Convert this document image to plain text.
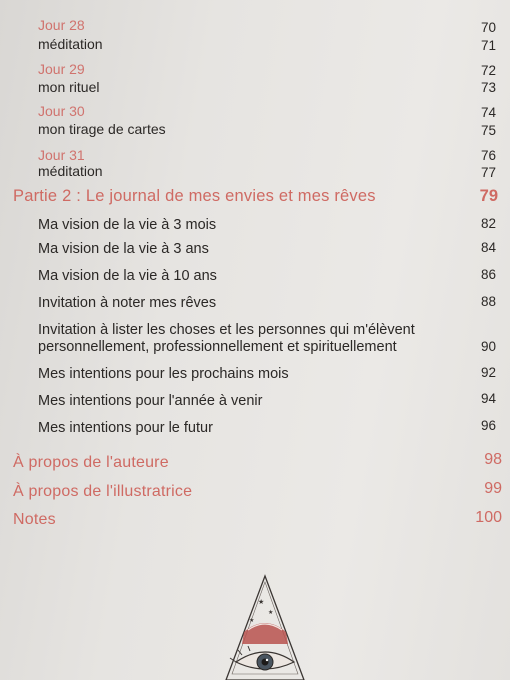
Jour 28	70
méditation	71
Jour 29	72
mon rituel	73
Jour 30	74
mon tirage de cartes	75
Jour 31	76
méditation	77
Partie 2 : Le journal de mes envies et mes rêves	79
Ma vision de la vie à 3 mois	82
Ma vision de la vie à 3 ans	84
Ma vision de la vie à 10 ans	86
Invitation à noter mes rêves	88
Invitation à lister les choses et les personnes qui m'élèvent
personnellement, professionnellement et spirituellement	90
Mes intentions pour les prochains mois	92
Mes intentions pour l'année à venir	94
Mes intentions pour le futur	96
À propos de l'auteure	98
À propos de l'illustratrice	99
Notes	100
★
★
★
